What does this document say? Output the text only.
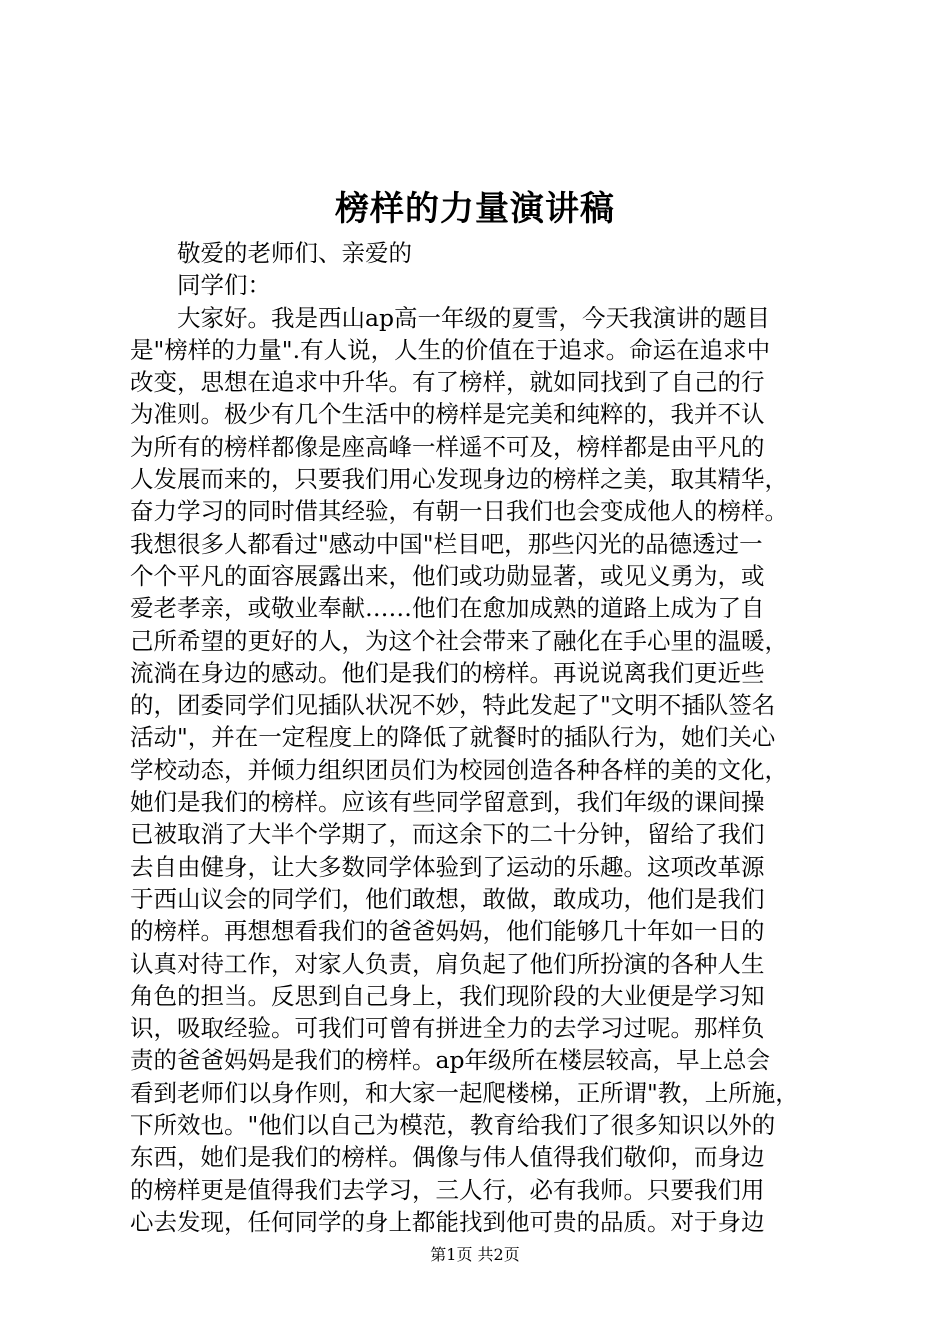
榜样的力量演讲稿
敬爱的老师们、亲爱的
同学们：
大家好。我是西山ap高一年级的夏雪，今天我演讲的题目
是"榜样的力量".有人说，人生的价值在于追求。命运在追求中
改变，思想在追求中升华。有了榜样，就如同找到了自己的行
为准则。极少有几个生活中的榜样是完美和纯粹的，我并不认
为所有的榜样都像是座高峰一样遥不可及，榜样都是由平凡的
人发展而来的，只要我们用心发现身边的榜样之美，取其精华，
奋力学习的同时借其经验，有朝一日我们也会变成他人的榜样。
我想很多人都看过"感动中国"栏目吧，那些闪光的品德透过一
个个平凡的面容展露出来，他们或功勋显著，或见义勇为，或
爱老孝亲，或敬业奉献……他们在愈加成熟的道路上成为了自
己所希望的更好的人，为这个社会带来了融化在手心里的温暖，
流淌在身边的感动。他们是我们的榜样。再说说离我们更近些
的，团委同学们见插队状况不妙，特此发起了"文明不插队签名
活动"，并在一定程度上的降低了就餐时的插队行为，她们关心
学校动态，并倾力组织团员们为校园创造各种各样的美的文化，
她们是我们的榜样。应该有些同学留意到，我们年级的课间操
已被取消了大半个学期了，而这余下的二十分钟，留给了我们
去自由健身，让大多数同学体验到了运动的乐趣。这项改革源
于西山议会的同学们，他们敢想，敢做，敢成功，他们是我们
的榜样。再想想看我们的爸爸妈妈，他们能够几十年如一日的
认真对待工作，对家人负责，肩负起了他们所扮演的各种人生
角色的担当。反思到自己身上，我们现阶段的大业便是学习知
识，吸取经验。可我们可曾有拼进全力的去学习过呢。那样负
责的爸爸妈妈是我们的榜样。ap年级所在楼层较高，早上总会
看到老师们以身作则，和大家一起爬楼梯，正所谓"教，上所施，
下所效也。"他们以自己为模范，教育给我们了很多知识以外的
东西，她们是我们的榜样。偶像与伟人值得我们敬仰，而身边
的榜样更是值得我们去学习，三人行，必有我师。只要我们用
心去发现，任何同学的身上都能找到他可贵的品质。对于身边
第1页 共2页
